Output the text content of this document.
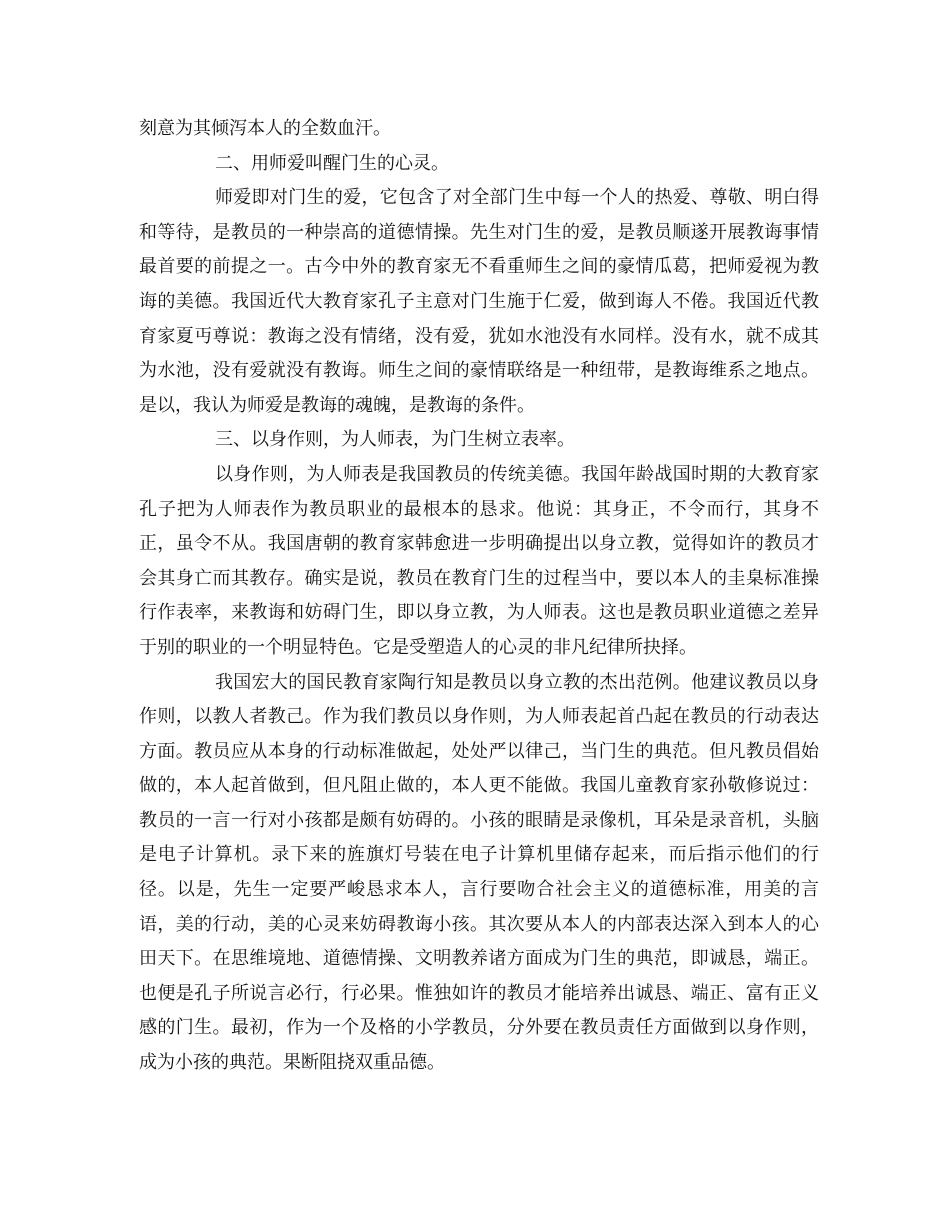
刻意为其倾泻本人的全数血汗。

二、用师爱叫醒门生的心灵。

师爱即对门生的爱，它包含了对全部门生中每一个人的热爱、尊敬、明白得和等待，是教员的一种崇高的道德情操。先生对门生的爱，是教员顺遂开展教诲事情最首要的前提之一。古今中外的教育家无不看重师生之间的豪情瓜葛，把师爱视为教诲的美德。我国近代大教育家孔子主意对门生施于仁爱，做到诲人不倦。我国近代教育家夏丏尊说：教诲之没有情绪，没有爱，犹如水池没有水同样。没有水，就不成其为水池，没有爱就没有教诲。师生之间的豪情联络是一种纽带，是教诲维系之地点。是以，我认为师爱是教诲的魂魄，是教诲的条件。

三、以身作则，为人师表，为门生树立表率。

以身作则，为人师表是我国教员的传统美德。我国年龄战国时期的大教育家孔子把为人师表作为教员职业的最根本的恳求。他说：其身正，不令而行，其身不正，虽令不从。我国唐朝的教育家韩愈进一步明确提出以身立教，觉得如许的教员才会其身亡而其教存。确实是说，教员在教育门生的过程当中，要以本人的圭臬标准操行作表率，来教诲和妨碍门生，即以身立教，为人师表。这也是教员职业道德之差异于别的职业的一个明显特色。它是受塑造人的心灵的非凡纪律所抉择。

我国宏大的国民教育家陶行知是教员以身立教的杰出范例。他建议教员以身作则，以教人者教己。作为我们教员以身作则，为人师表起首凸起在教员的行动表达方面。教员应从本身的行动标准做起，处处严以律己，当门生的典范。但凡教员倡始做的，本人起首做到，但凡阻止做的，本人更不能做。我国儿童教育家孙敬修说过：教员的一言一行对小孩都是颇有妨碍的。小孩的眼睛是录像机，耳朵是录音机，头脑是电子计算机。录下来的旌旗灯号装在电子计算机里储存起来，而后指示他们的行径。以是，先生一定要严峻恳求本人，言行要吻合社会主义的道德标准，用美的言语，美的行动，美的心灵来妨碍教诲小孩。其次要从本人的内部表达深入到本人的心田天下。在思维境地、道德情操、文明教养诸方面成为门生的典范，即诚恳，端正。也便是孔子所说言必行，行必果。惟独如许的教员才能培养出诚恳、端正、富有正义感的门生。最初，作为一个及格的小学教员，分外要在教员责任方面做到以身作则，成为小孩的典范。果断阻挠双重品德。
